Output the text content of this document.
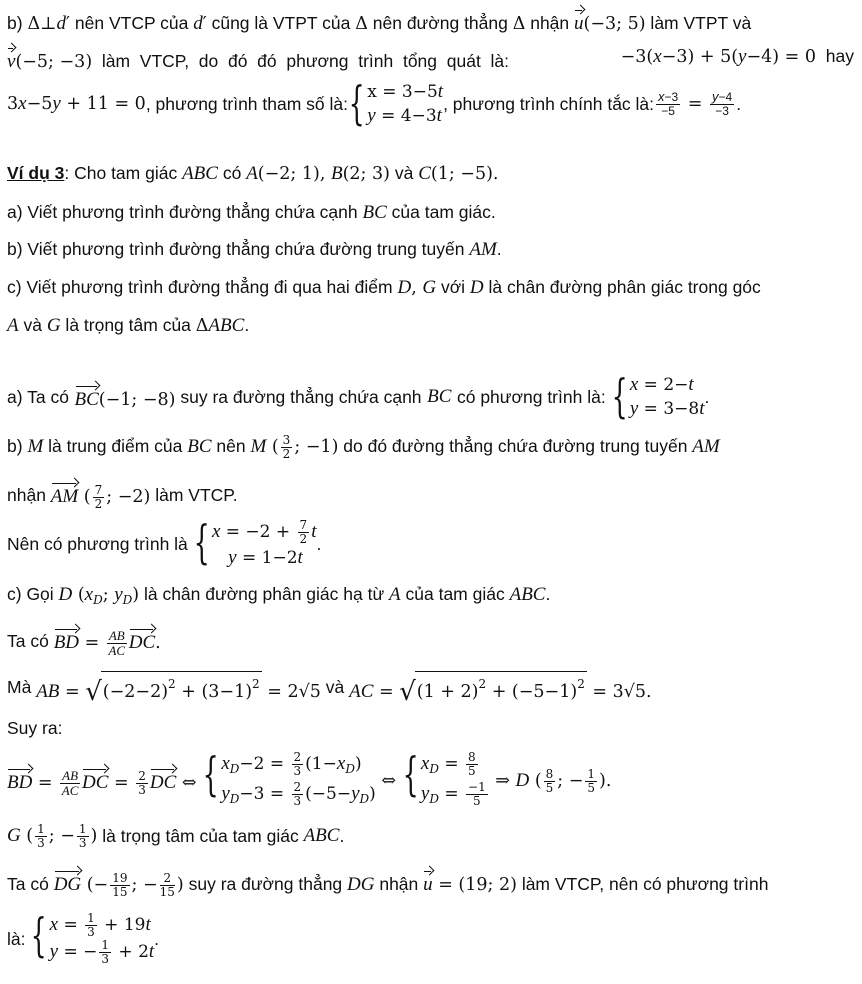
b) Δ⊥d′ nên VTCP của d′ cũng là VTPT của Δ nên đường thẳng Δ nhận u(−3; 5) làm VTPT và
v(−5; −3)  làm  VTCP,  do  đó  đó  phương  trình  tổng  quát  là:	−3(x−3) + 5(y−4) = 0  hay
3x−5y + 11 = 0 , phương trình tham số là: { x = 3−5t
y = 4−3t
, phương trình chính tắc là: $\frac{x-3}{-5} = \frac{y-4}{-3}$ .
Ví dụ 3: Cho tam giác ABC có A(−2; 1), B(2; 3) và C(1; −5).
a) Viết phương trình đường thẳng chứa cạnh BC của tam giác.
b) Viết phương trình đường thẳng chứa đường trung tuyến AM.
c) Viết phương trình đường thẳng đi qua hai điểm D, G với D là chân đường phân giác trong góc
A và G là trọng tâm của ΔABC.
a) Ta có BC(−1; −8) suy ra đường thẳng chứa cạnh BC có phương trình là: { x = 2−t
y = 3−8t
.
b) M là trung điểm của BC nên M ( $\frac{3}{2}$ ; −1) do đó đường thẳng chứa đường trung tuyến AM
nhận AM ( $\frac{7}{2}$ ; −2) làm VTCP.
Nên có phương trình là { $x = -2 + \frac{7}{2}$ t
y = 1−2t
.
c) Gọi D ($x_D$; $y_D$) là chân đường phân giác hạ từ A của tam giác ABC.
Ta có BD = $\frac{AB}{AC}$ DC.
Mà AB = $√(-2-2)^2 + (3-1)^2 = 2√5$ và AC = $√(1 + 2)^2 + (-5-1)^2 = 3√5$.
Suy ra:
BD = $\frac{AB}{AC}$ DC = $\frac{2}{3}$ DC ⇔ { $x_D-2 = \frac{2}{3} (1-x_D)$
$y_D-3 = \frac{2}{3} (-5-y_D)$
⇔ { $x_D = \frac{8}{5}$
$y_D = \frac{-1}{5}$
⇒ D ( $\frac{8}{5}$ ; − $\frac{1}{5}$ ).
G ( $\frac{1}{3}$ ; − $\frac{1}{3}$ ) là trọng tâm của tam giác ABC .
Ta có DG (− $\frac{19}{15}$ ; − $\frac{2}{15}$ ) suy ra đường thẳng DG nhận u = (19; 2) làm VTCP, nên có phương trình
là: { $x = \frac{1}{3} + 19t$
y = − $\frac{1}{3} + 2t$
.
